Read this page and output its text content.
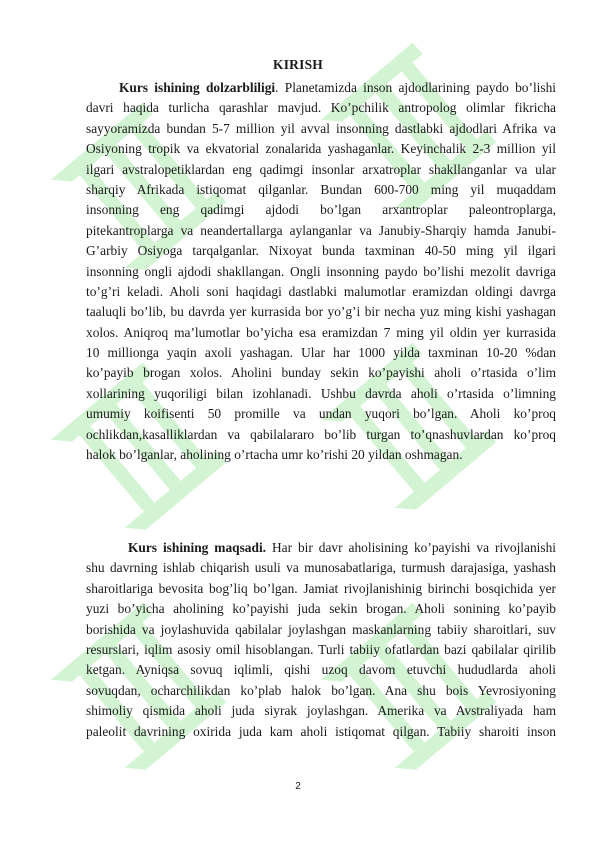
KIRISH
Kurs ishining dolzarbliligi. Planetamizda inson ajdodlarining paydo bo’lishi
davri haqida turlicha qarashlar mavjud. Ko’pchilik antropolog olimlar fikricha
sayyoramizda bundan 5-7 million yil avval insonning dastlabki ajdodlari Afrika va
Osiyoning tropik va ekvatorial zonalarida yashaganlar. Keyinchalik 2-3 million yil
ilgari avstralopetiklardan eng qadimgi insonlar arxatroplar shakllanganlar va ular
sharqiy Afrikada istiqomat qilganlar. Bundan 600-700 ming yil muqaddam
insonning eng qadimgi ajdodi bo’lgan arxantroplar paleontroplarga,
pitekantroplarga va neandertallarga aylanganlar va Janubiy-Sharqiy hamda Janubi-
G’arbiy Osiyoga tarqalganlar. Nixoyat bunda taxminan 40-50 ming yil ilgari
insonning ongli ajdodi shakllangan. Ongli insonning paydo bo’lishi mezolit davriga
to’g’ri keladi. Aholi soni haqidagi dastlabki malumotlar eramizdan oldingi davrga
taaluqli bo’lib, bu davrda yer kurrasida bor yo’g’i bir necha yuz ming kishi yashagan
xolos. Aniqroq ma’lumotlar bo’yicha esa eramizdan 7 ming yil oldin yer kurrasida
10 millionga yaqin axoli yashagan. Ular har 1000 yilda taxminan 10-20 %dan
ko’payib brogan xolos. Aholini bunday sekin ko’payishi aholi o’rtasida o’lim
xollarining yuqoriligi bilan izohlanadi. Ushbu davrda aholi o’rtasida o’limning
umumiy koifisenti 50 promille va undan yuqori bo’lgan. Aholi ko’proq
ochlikdan,kasalliklardan va qabilalararo bo’lib turgan to’qnashuvlardan ko’proq
halok bo’lganlar, aholining o’rtacha umr ko’rishi 20 yildan oshmagan.
Kurs ishining maqsadi. Har bir davr aholisining ko’payishi va rivojlanishi
shu davrning ishlab chiqarish usuli va munosabatlariga, turmush darajasiga, yashash
sharoitlariga bevosita bog’liq bo’lgan. Jamiat rivojlanishinig birinchi bosqichida yer
yuzi bo’yicha aholining ko’payishi juda sekin brogan. Aholi sonining ko’payib
borishida va joylashuvida qabilalar joylashgan maskanlarning tabiiy sharoitlari, suv
resurslari, iqlim asosiy omil hisoblangan. Turli tabiiy ofatlardan bazi qabilalar qirilib
ketgan. Ayniqsa sovuq iqlimli, qishi uzoq davom etuvchi hududlarda aholi
sovuqdan, ocharchilikdan ko’plab halok bo’lgan. Ana shu bois Yevrosiyoning
shimoliy qismida aholi juda siyrak joylashgan. Amerika va Avstraliyada ham
paleolit davrining oxirida juda kam aholi istiqomat qilgan. Tabiiy sharoiti inson
2
